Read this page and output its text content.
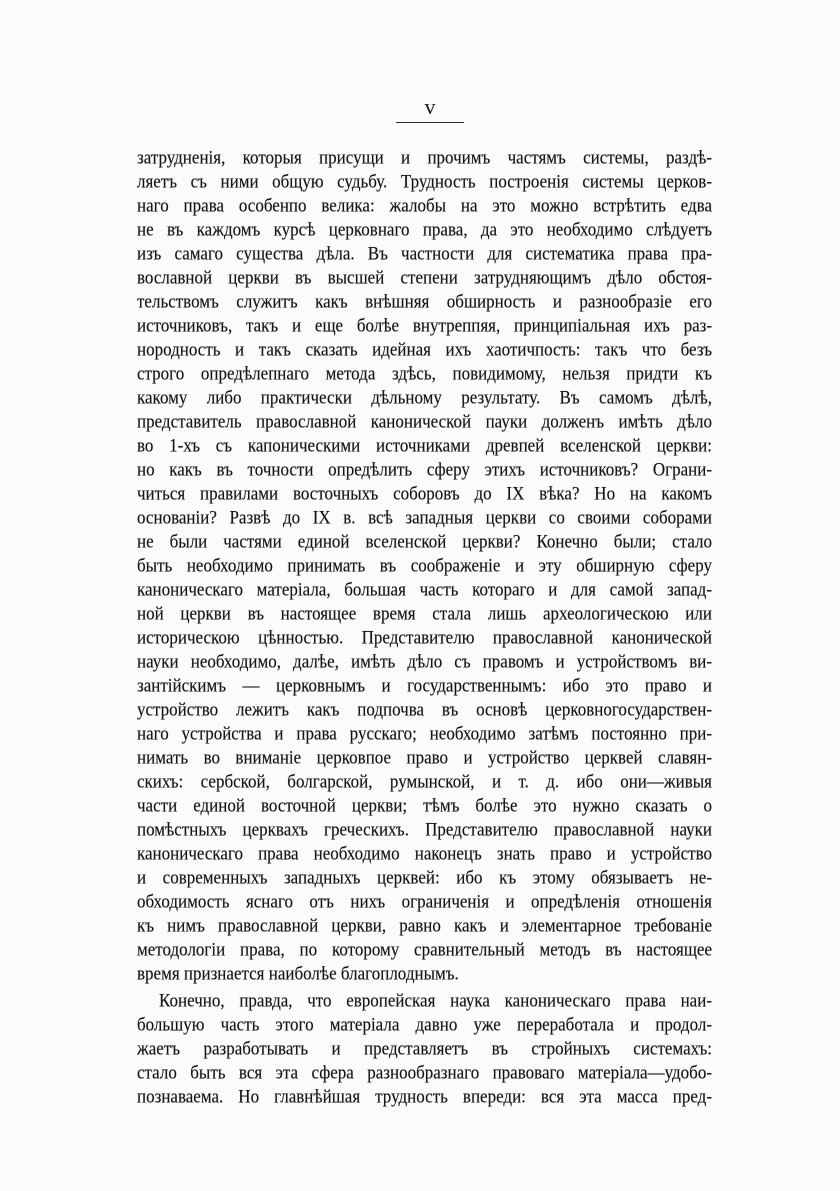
v
затрудненія, которыя присущи и прочимъ частямъ системы, раздѣ-
ляетъ съ ними общую судьбу. Трудность построенія системы церков-
наго права особенпо велика: жалобы на это можно встрѣтить едва
не въ каждомъ курсѣ церковнаго права, да это необходимо слѣдуетъ
изъ самаго существа дѣла. Въ частности для систематика права пра-
вославной церкви въ высшей степени затрудняющимъ дѣло обстоя-
тельствомъ служитъ какъ внѣшняя обширность и разнообразіе его
источниковъ, такъ и еще болѣе внутреппяя, принципіальная ихъ раз-
нородность и такъ сказать идейная ихъ хаотичпость: такъ что безъ
строго опредѣлепнаго метода здѣсь, повидимому, нельзя придти къ
какому либо практически дѣльному результату. Въ самомъ дѣлѣ,
представитель православной канонической пауки долженъ имѣть дѣло
во 1-хъ съ капоническими источниками древпей вселенской церкви:
но какъ въ точности опредѣлить сферу этихъ источниковъ? Ограни-
читься правилами восточныхъ соборовъ до IX вѣка? Но на какомъ
основаніи? Развѣ до IX в. всѣ западныя церкви со своими соборами
не были частями единой вселенской церкви? Конечно были; стало
быть необходимо принимать въ соображеніе и эту обширную сферу
каноническаго матеріала, большая часть котораго и для самой запад-
ной церкви въ настоящее время стала лишь археологическою или
историческою цѣнностью. Представителю православной канонической
науки необходимо, далѣе, имѣть дѣло съ правомъ и устройствомъ ви-
зантійскимъ — церковнымъ и государственнымъ: ибо это право и
устройство лежитъ какъ подпочва въ основѣ церковногосударствен-
наго устройства и права русскаго; необходимо затѣмъ постоянно при-
нимать во вниманіе церковпое право и устройство церквей славян-
скихъ: сербской, болгарской, румынской, и т. д. ибо они—живыя
части единой восточной церкви; тѣмъ болѣе это нужно сказать о
помѣстныхъ церквахъ греческихъ. Представителю православной науки
каноническаго права необходимо наконецъ знать право и устройство
и современныхъ западныхъ церквей: ибо къ этому обязываетъ не-
обходимость яснаго отъ нихъ ограниченія и опредѣленія отношенія
къ нимъ православной церкви, равно какъ и элементарное требованіе
методологіи права, по которому сравнительный методъ въ настоящее
время признается наиболѣе благоплоднымъ.
Конечно, правда, что европейская наука каноническаго права наи-
большую часть этого матеріала давно уже переработала и продол-
жаетъ разработывать и представляетъ въ стройныхъ системахъ:
стало быть вся эта сфера разнообразнаго правоваго матеріала—удобо-
познаваема. Но главнѣйшая трудность впереди: вся эта масса пред-
